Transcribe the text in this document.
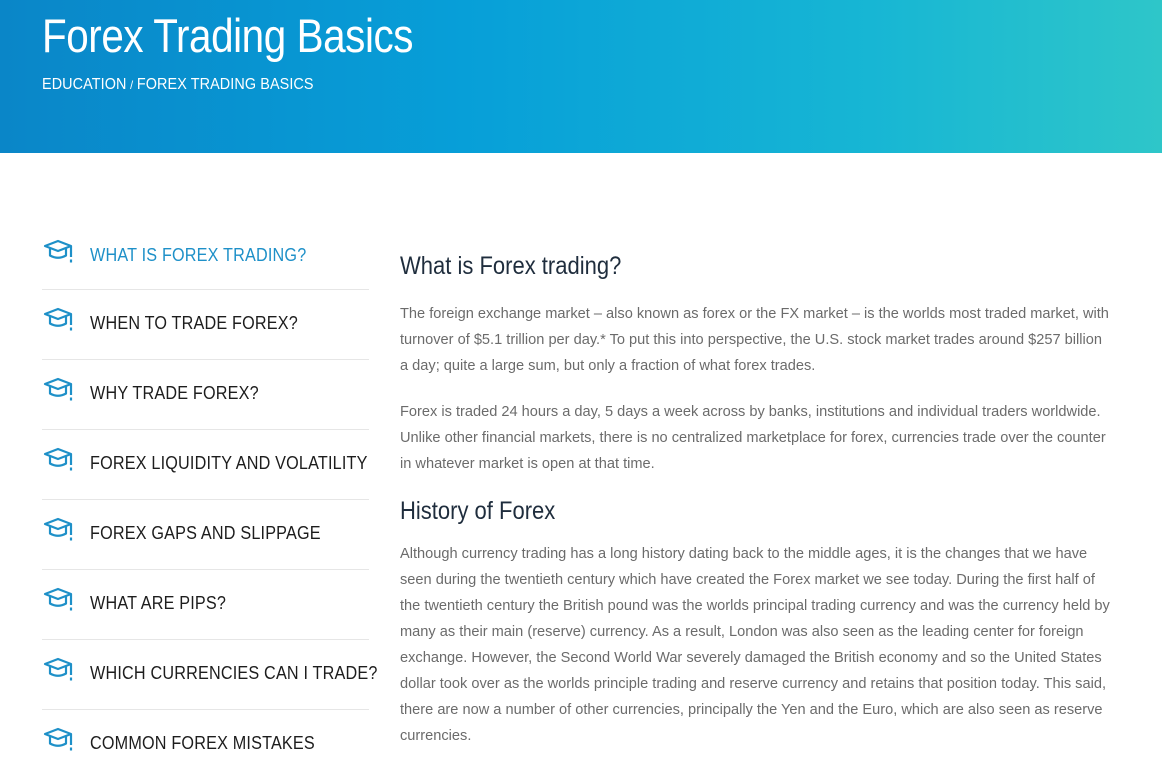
Forex Trading Basics
EDUCATION / FOREX TRADING BASICS
WHAT IS FOREX TRADING?
WHEN TO TRADE FOREX?
WHY TRADE FOREX?
FOREX LIQUIDITY AND VOLATILITY
FOREX GAPS AND SLIPPAGE
WHAT ARE PIPS?
WHICH CURRENCIES CAN I TRADE?
COMMON FOREX MISTAKES
What is Forex trading?

The foreign exchange market – also known as forex or the FX market – is the worlds most traded market, with turnover of $5.1 trillion per day.* To put this into perspective, the U.S. stock market trades around $257 billion a day; quite a large sum, but only a fraction of what forex trades.

Forex is traded 24 hours a day, 5 days a week across by banks, institutions and individual traders worldwide. Unlike other financial markets, there is no centralized marketplace for forex, currencies trade over the counter in whatever market is open at that time.

History of Forex

Although currency trading has a long history dating back to the middle ages, it is the changes that we have seen during the twentieth century which have created the Forex market we see today. During the first half of the twentieth century the British pound was the worlds principal trading currency and was the currency held by many as their main (reserve) currency. As a result, London was also seen as the leading center for foreign exchange. However, the Second World War severely damaged the British economy and so the United States dollar took over as the worlds principle trading and reserve currency and retains that position today. This said, there are now a number of other currencies, principally the Yen and the Euro, which are also seen as reserve currencies.
